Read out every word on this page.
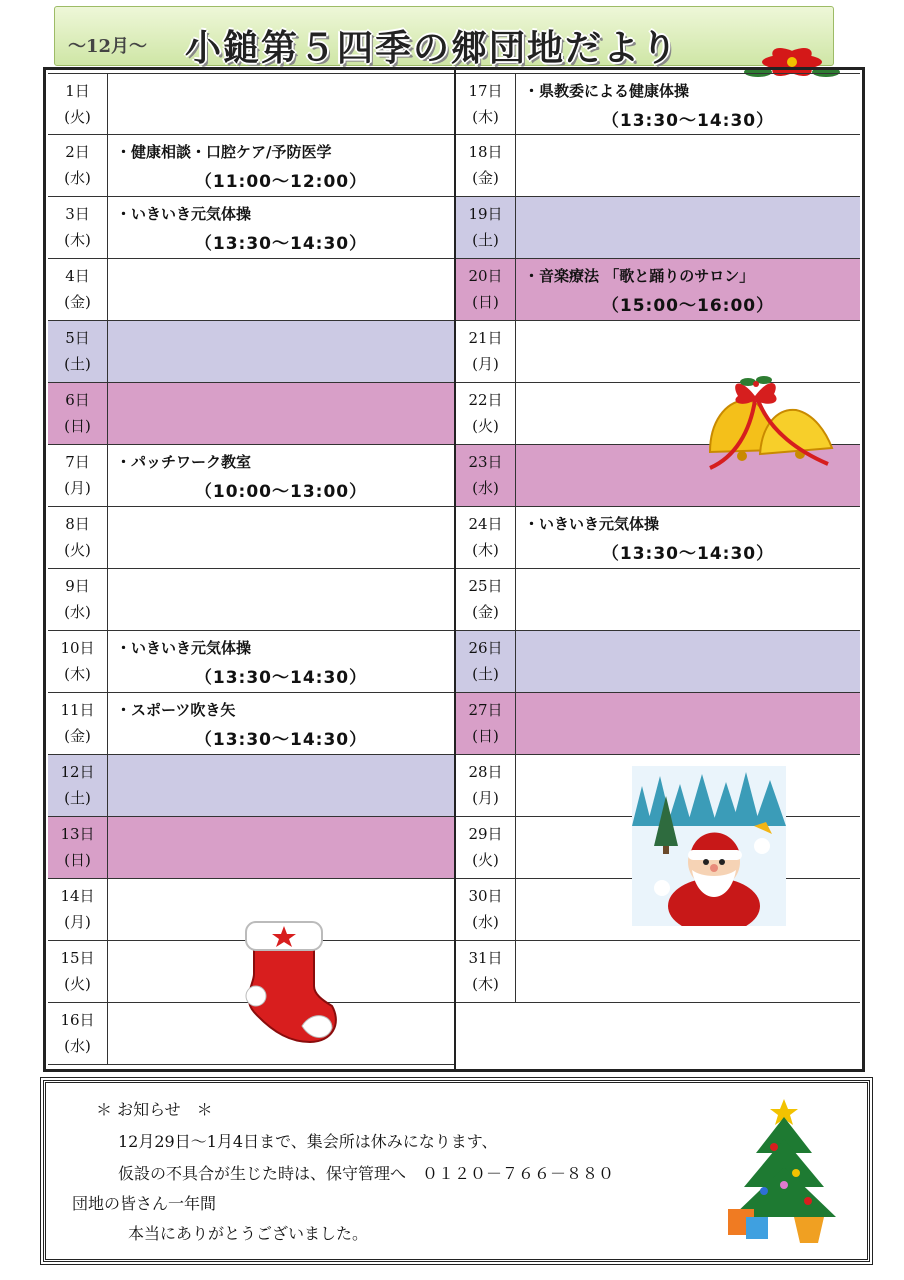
～12月～ 小鎚第５四季の郷団地だより
1日
(火)
2日
(水)
・健康相談・口腔ケア/予防医学
（11:00～12:00）
3日
(木)
・いきいき元気体操
（13:30～14:30）
4日
(金)
5日
(土)
6日
(日)
7日
(月)
・パッチワーク教室
（10:00～13:00）
8日
(火)
9日
(水)
10日
(木)
・いきいき元気体操
（13:30～14:30）
11日
(金)
・スポーツ吹き矢
（13:30～14:30）
12日
(土)
13日
(日)
14日
(月)
15日
(火)
16日
(水)
17日
(木)
・県教委による健康体操
（13:30～14:30）
18日
(金)
19日
(土)
20日
(日)
・音楽療法 「歌と踊りのサロン」
（15:00～16:00）
21日
(月)
22日
(火)
23日
(水)
24日
(木)
・いきいき元気体操
（13:30～14:30）
25日
(金)
26日
(土)
27日
(日)
28日
(月)
29日
(火)
30日
(水)
31日
(木)

＊ お知らせ　＊

12月29日～1月4日まで、集会所は休みになります、

仮設の不具合が生じた時は、保守管理へ　０１２０－７６６－８８０

団地の皆さん一年間

本当にありがとうございました。
